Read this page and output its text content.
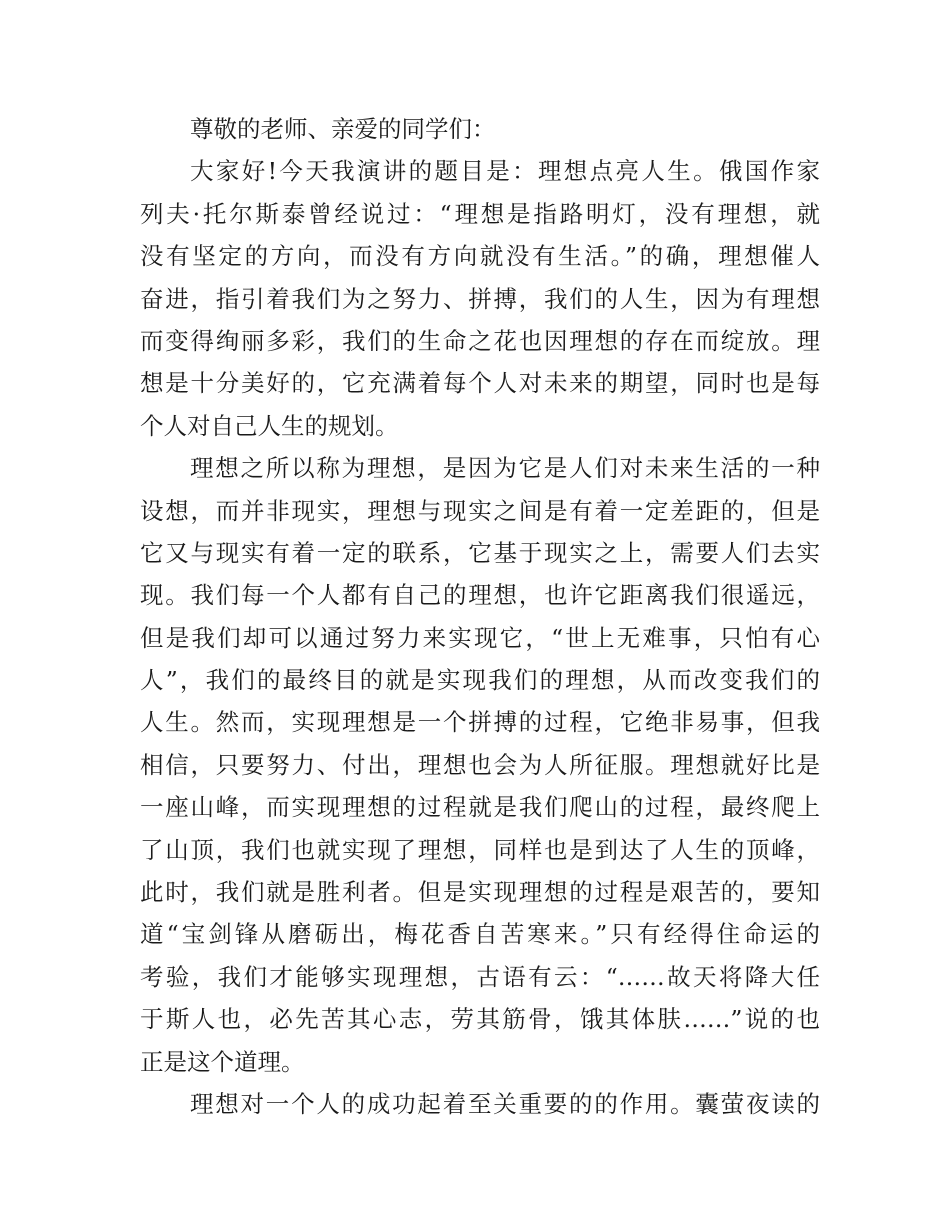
尊敬的老师、亲爱的同学们：
大家好!今天我演讲的题目是：理想点亮人生。俄国作家
列夫·托尔斯泰曾经说过：“理想是指路明灯，没有理想，就
没有坚定的方向，而没有方向就没有生活。”的确，理想催人
奋进，指引着我们为之努力、拼搏，我们的人生，因为有理想
而变得绚丽多彩，我们的生命之花也因理想的存在而绽放。理
想是十分美好的，它充满着每个人对未来的期望，同时也是每
个人对自己人生的规划。
理想之所以称为理想，是因为它是人们对未来生活的一种
设想，而并非现实，理想与现实之间是有着一定差距的，但是
它又与现实有着一定的联系，它基于现实之上，需要人们去实
现。我们每一个人都有自己的理想，也许它距离我们很遥远，
但是我们却可以通过努力来实现它，“世上无难事，只怕有心
人”，我们的最终目的就是实现我们的理想，从而改变我们的
人生。然而，实现理想是一个拼搏的过程，它绝非易事，但我
相信，只要努力、付出，理想也会为人所征服。理想就好比是
一座山峰，而实现理想的过程就是我们爬山的过程，最终爬上
了山顶，我们也就实现了理想，同样也是到达了人生的顶峰，
此时，我们就是胜利者。但是实现理想的过程是艰苦的，要知
道“宝剑锋从磨砺出，梅花香自苦寒来。”只有经得住命运的
考验，我们才能够实现理想，古语有云：“……故天将降大任
于斯人也，必先苦其心志，劳其筋骨，饿其体肤……”说的也
正是这个道理。
理想对一个人的成功起着至关重要的的作用。囊萤夜读的
